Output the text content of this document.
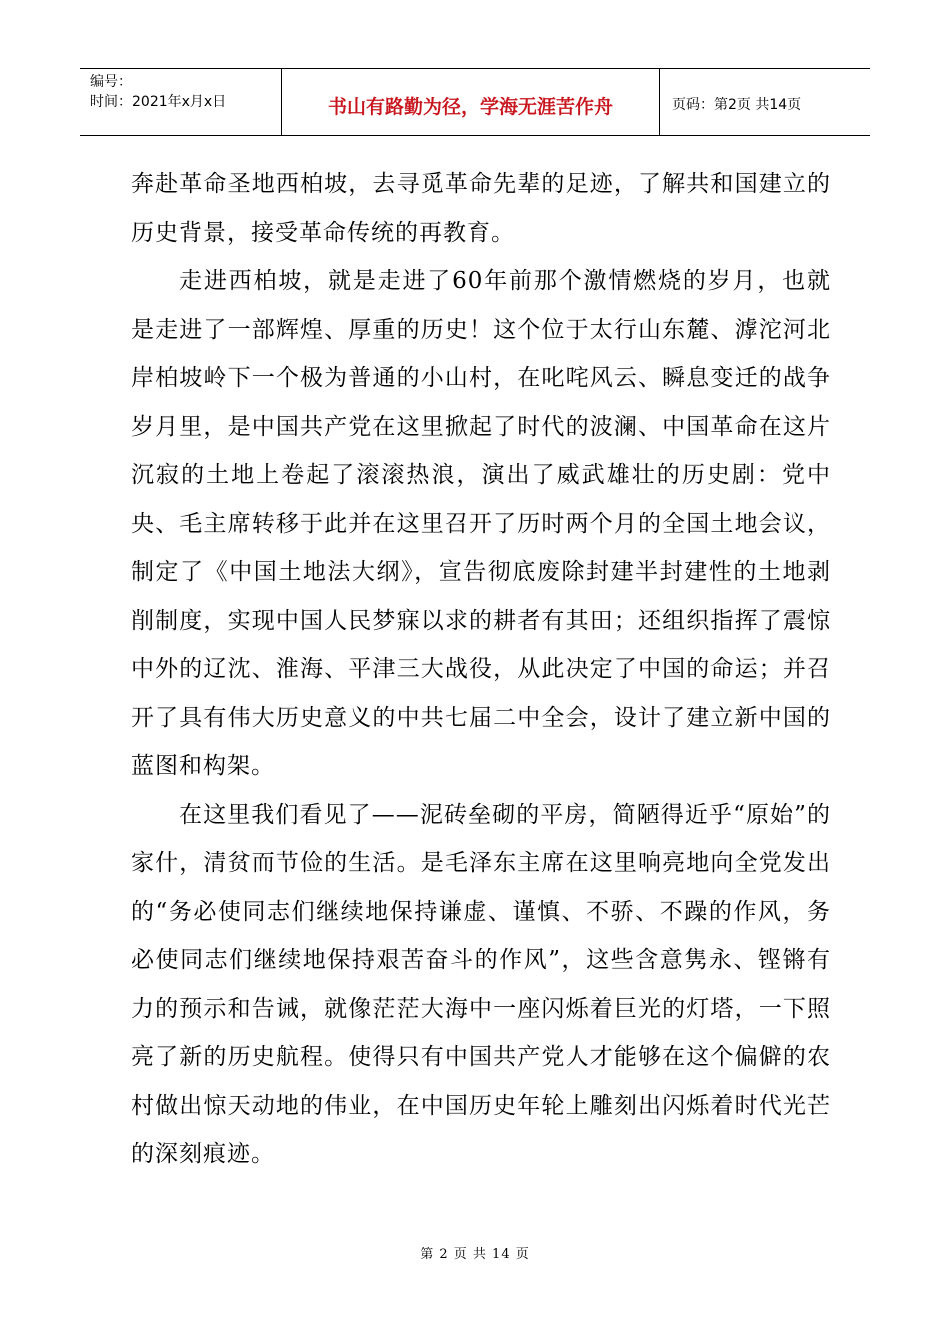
编号：
时间：2021年x月x日	书山有路勤为径，学海无涯苦作舟	页码：第2页 共14页

奔赴革命圣地西柏坡，去寻觅革命先辈的足迹，了解共和国建立的历史背景，接受革命传统的再教育。

走进西柏坡，就是走进了60年前那个激情燃烧的岁月，也就是走进了一部辉煌、厚重的历史！这个位于太行山东麓、滹沱河北岸柏坡岭下一个极为普通的小山村，在叱咤风云、瞬息变迁的战争岁月里，是中国共产党在这里掀起了时代的波澜、中国革命在这片沉寂的土地上卷起了滚滚热浪，演出了威武雄壮的历史剧：党中央、毛主席转移于此并在这里召开了历时两个月的全国土地会议，制定了《中国土地法大纲》，宣告彻底废除封建半封建性的土地剥削制度，实现中国人民梦寐以求的耕者有其田；还组织指挥了震惊中外的辽沈、淮海、平津三大战役，从此决定了中国的命运；并召开了具有伟大历史意义的中共七届二中全会，设计了建立新中国的蓝图和构架。

在这里我们看见了——泥砖垒砌的平房，简陋得近乎“原始”的家什，清贫而节俭的生活。是毛泽东主席在这里响亮地向全党发出的“务必使同志们继续地保持谦虚、谨慎、不骄、不躁的作风，务必使同志们继续地保持艰苦奋斗的作风”，这些含意隽永、铿锵有力的预示和告诫，就像茫茫大海中一座闪烁着巨光的灯塔，一下照亮了新的历史航程。使得只有中国共产党人才能够在这个偏僻的农村做出惊天动地的伟业，在中国历史年轮上雕刻出闪烁着时代光芒的深刻痕迹。

第 2 页 共 14 页
